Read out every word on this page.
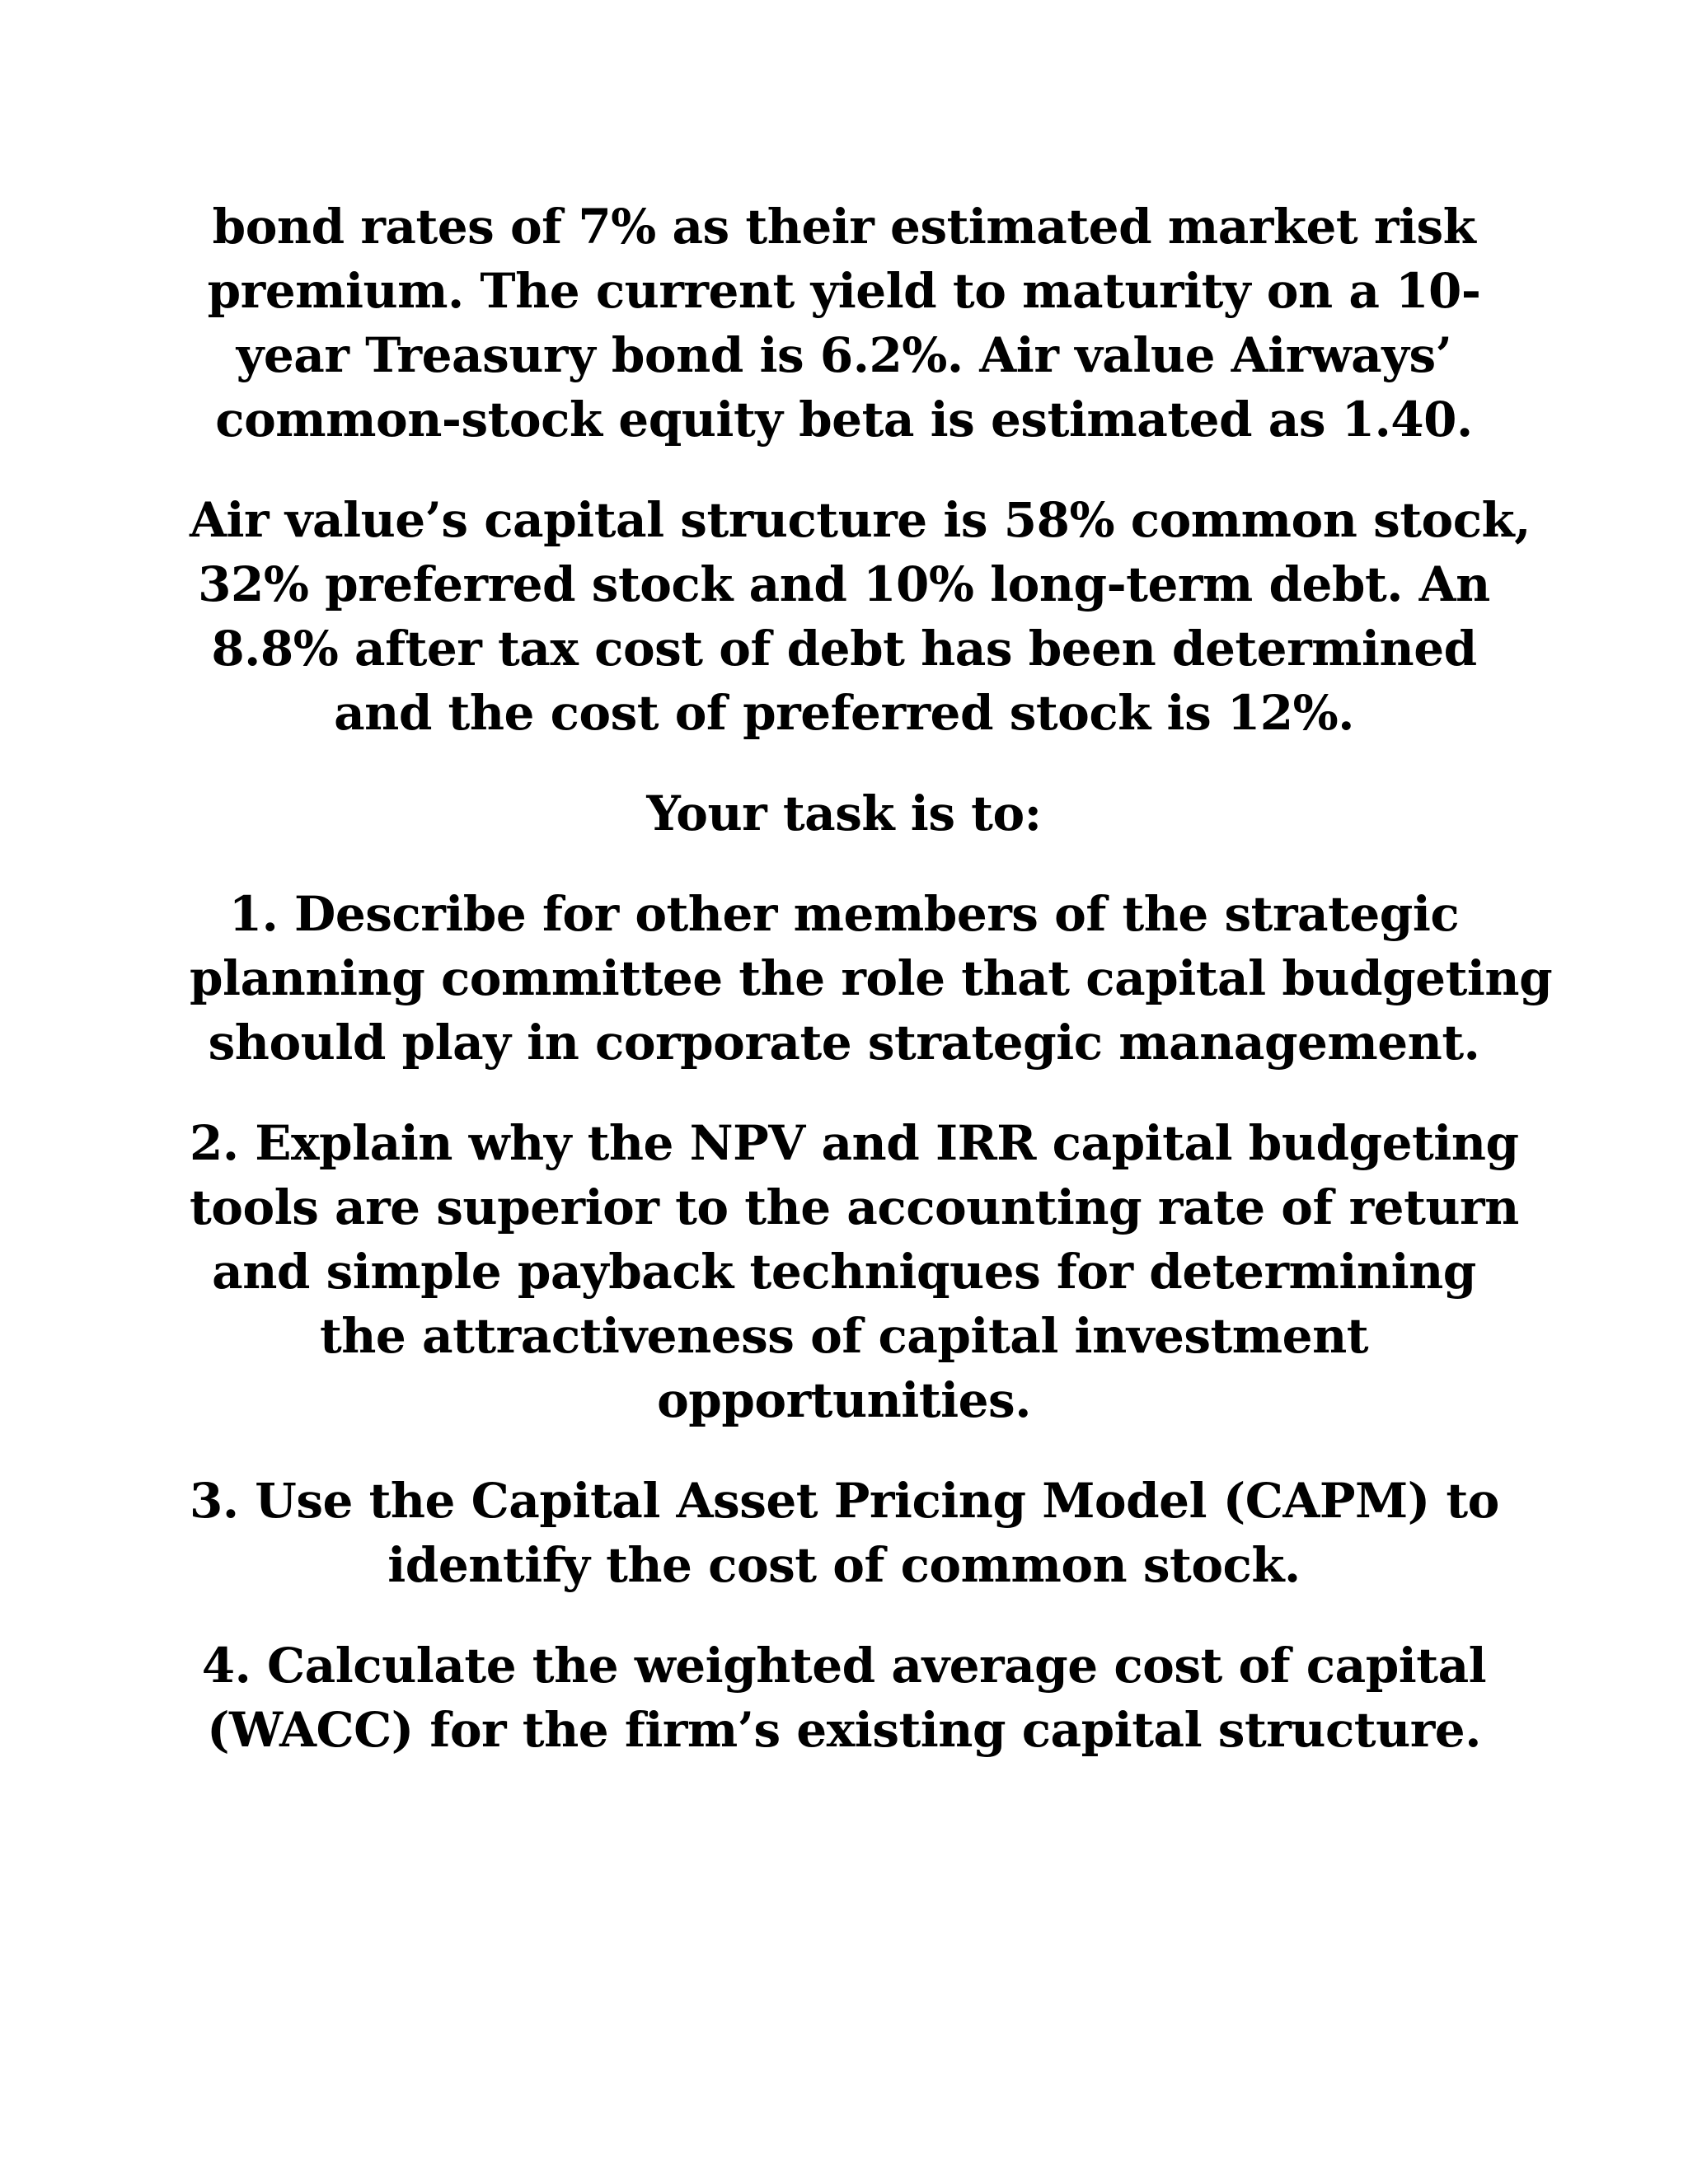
bond rates of 7% as their estimated market risk
premium. The current yield to maturity on a 10-
year Treasury bond is 6.2%. Air value Airways’
common-stock equity beta is estimated as 1.40.

Air value’s capital structure is 58% common stock,
32% preferred stock and 10% long-term debt. An
8.8% after tax cost of debt has been determined
and the cost of preferred stock is 12%.

Your task is to:

1. Describe for other members of the strategic
planning committee the role that capital budgeting
should play in corporate strategic management.

2. Explain why the NPV and IRR capital budgeting
tools are superior to the accounting rate of return
and simple payback techniques for determining
the attractiveness of capital investment
opportunities.

3. Use the Capital Asset Pricing Model (CAPM) to
identify the cost of common stock.

4. Calculate the weighted average cost of capital
(WACC) for the firm’s existing capital structure.
